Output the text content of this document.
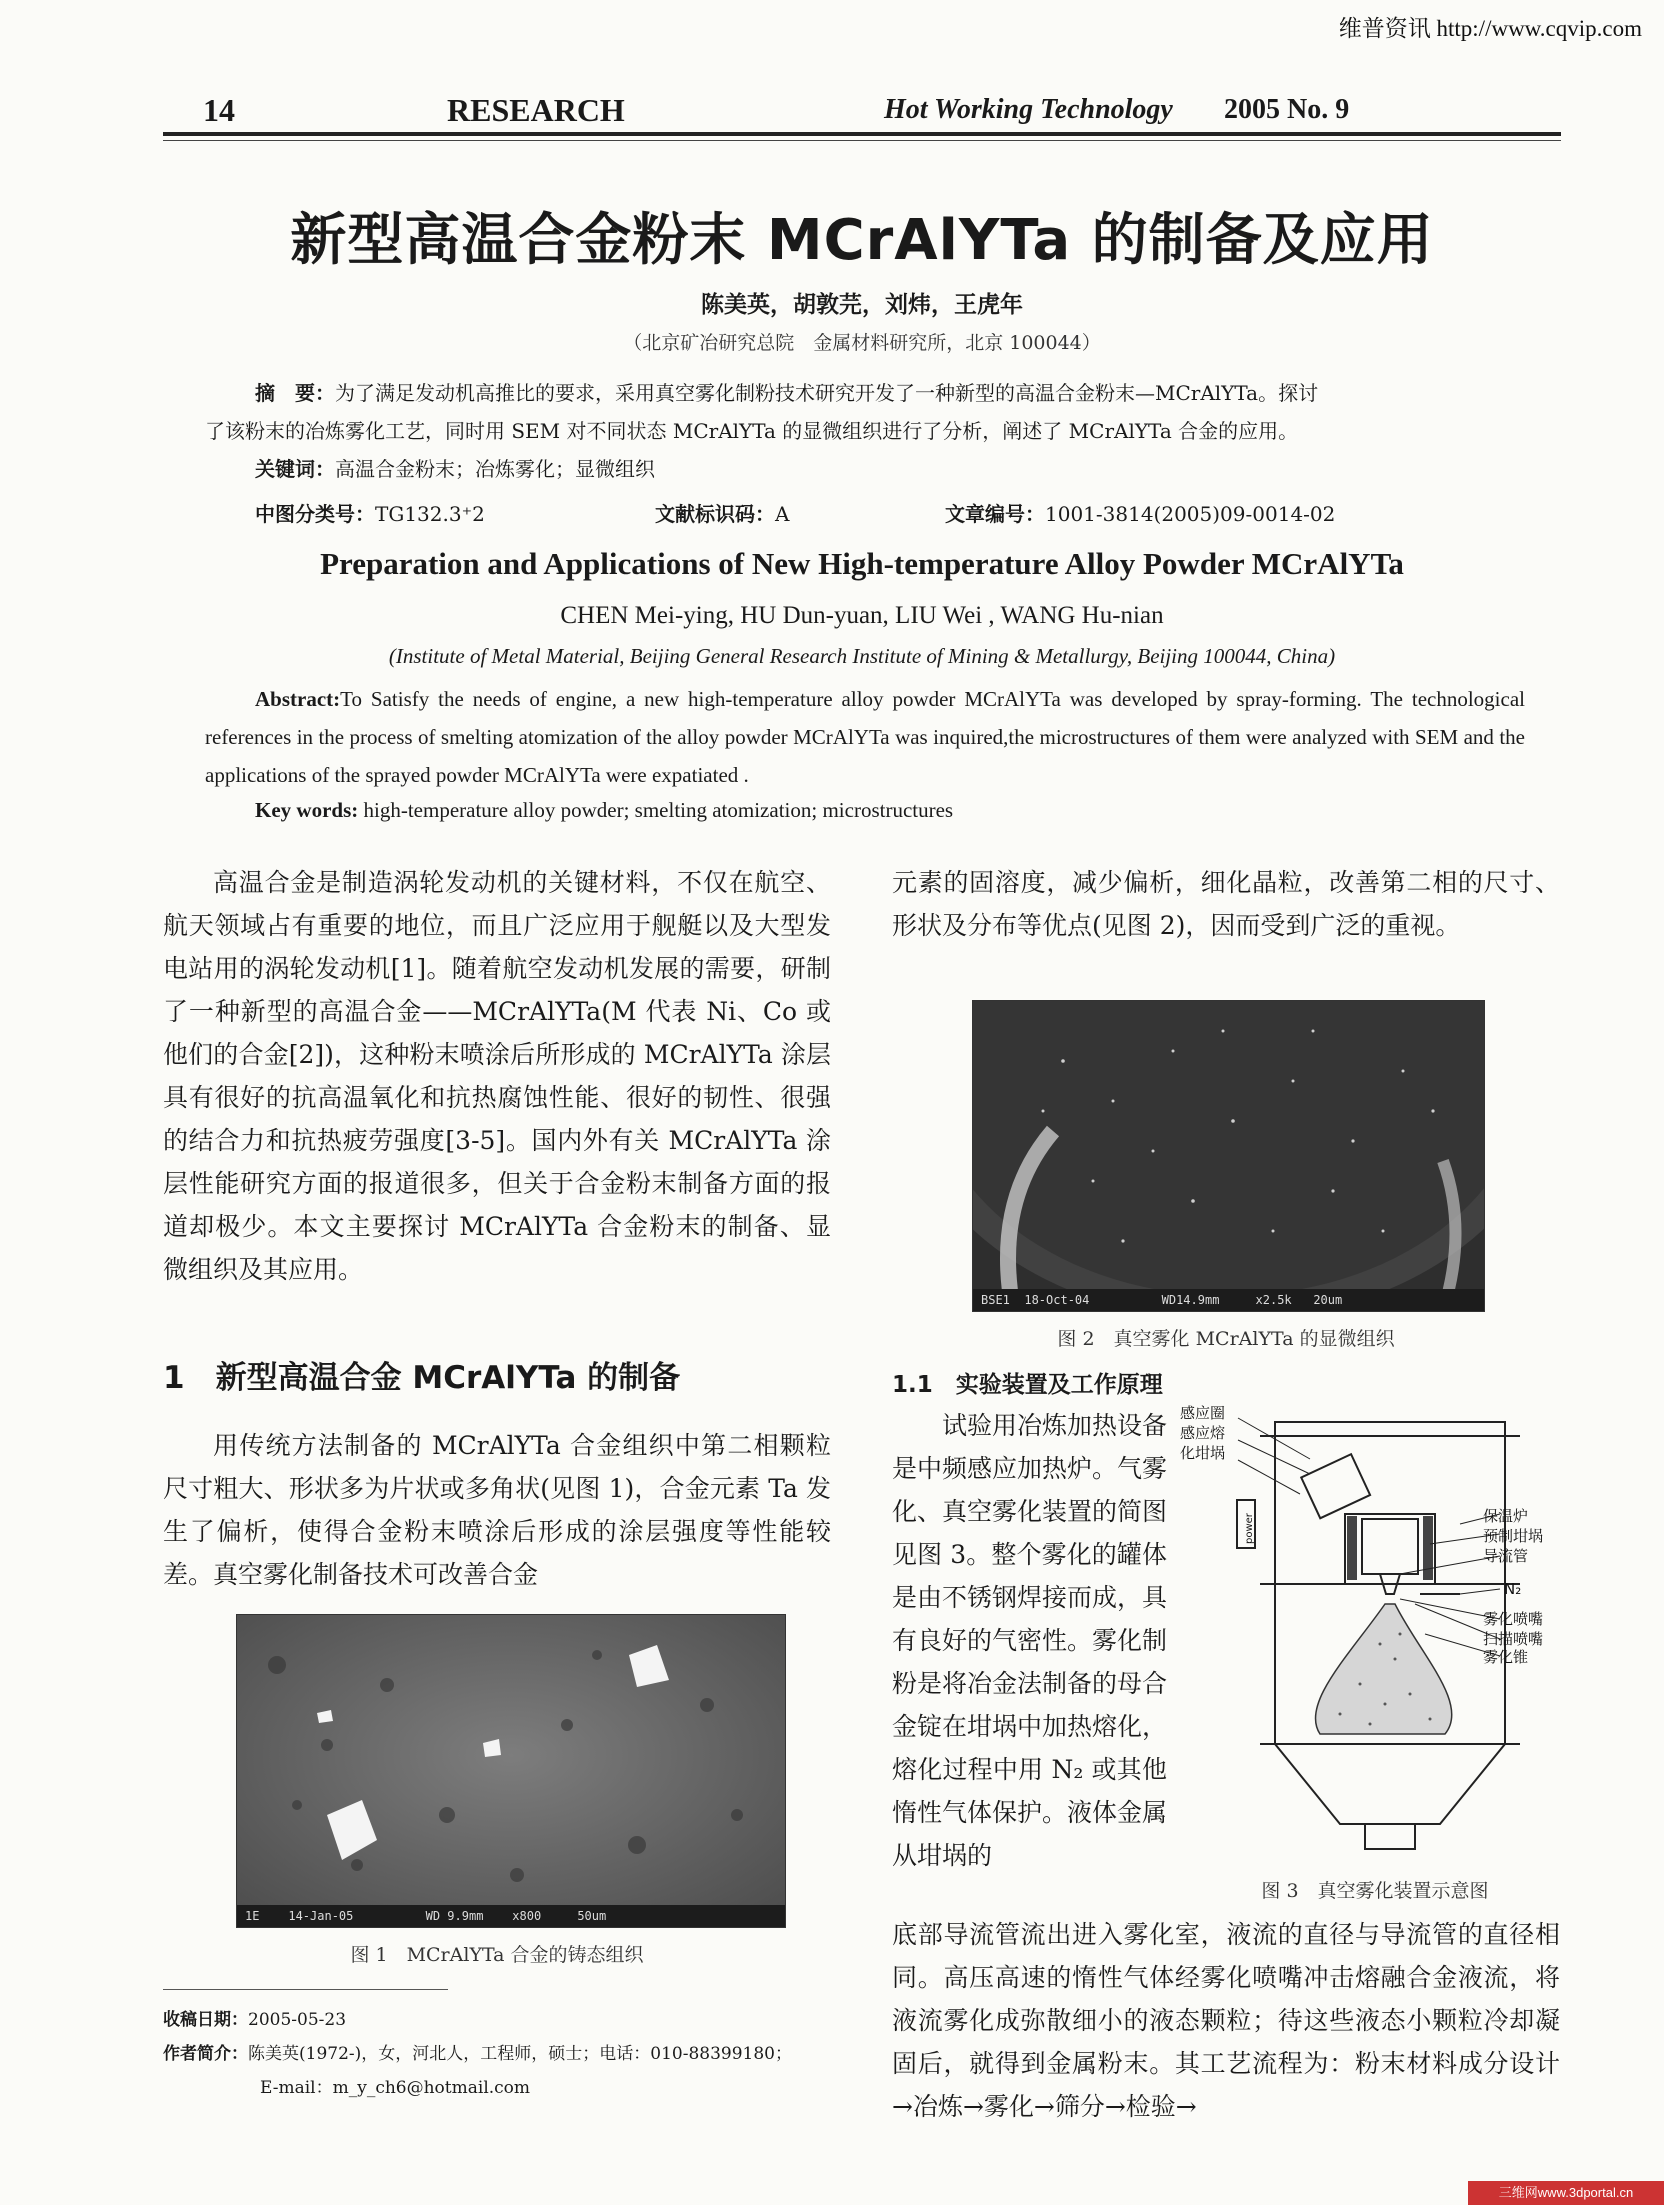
维普资讯 http://www.cqvip.com
14	RESEARCH	Hot Working Technology 2005 No. 9
新型高温合金粉末 MCrAlYTa 的制备及应用
陈美英，胡敦芫，刘炜，王虎年
（北京矿冶研究总院　金属材料研究所，北京 100044）
摘　要：为了满足发动机高推比的要求，采用真空雾化制粉技术研究开发了一种新型的高温合金粉末—MCrAlYTa。探讨
了该粉末的冶炼雾化工艺，同时用 SEM 对不同状态 MCrAlYTa 的显微组织进行了分析，阐述了 MCrAlYTa 合金的应用。
关键词：高温合金粉末；冶炼雾化；显微组织
中图分类号：TG132.3⁺2	文献标识码：A	文章编号：1001-3814(2005)09-0014-02
Preparation and Applications of New High-temperature Alloy Powder MCrAlYTa
CHEN Mei-ying, HU Dun-yuan, LIU Wei , WANG Hu-nian
(Institute of Metal Material, Beijing General Research Institute of Mining & Metallurgy, Beijing 100044, China)
Abstract:To Satisfy the needs of engine, a new high-temperature alloy powder MCrAlYTa was developed by spray-forming. The technological references in the process of smelting atomization of the alloy powder MCrAlYTa was inquired,the microstructures of them were analyzed with SEM and the applications of the sprayed powder MCrAlYTa were expatiated .
Key words: high-temperature alloy powder; smelting atomization; microstructures

高温合金是制造涡轮发动机的关键材料，不仅在航空、航天领域占有重要的地位，而且广泛应用于舰艇以及大型发电站用的涡轮发动机[1]。随着航空发动机发展的需要，研制了一种新型的高温合金——MCrAlYTa(M 代表 Ni、Co 或他们的合金[2])，这种粉末喷涂后所形成的 MCrAlYTa 涂层具有很好的抗高温氧化和抗热腐蚀性能、很好的韧性、很强的结合力和抗热疲劳强度[3-5]。国内外有关 MCrAlYTa 涂层性能研究方面的报道很多，但关于合金粉末制备方面的报道却极少。本文主要探讨 MCrAlYTa 合金粉末的制备、显微组织及其应用。

1　新型高温合金 MCrAlYTa 的制备

用传统方法制备的 MCrAlYTa 合金组织中第二相颗粒尺寸粗大、形状多为片状或多角状(见图 1)，合金元素 Ta 发生了偏析，使得合金粉末喷涂后形成的涂层强度等性能较差。真空雾化制备技术可改善合金

1E    14-Jan-05          WD 9.9mm    x800     50um
图 1　MCrAlYTa 合金的铸态组织
收稿日期：2005-05-23
作者简介：陈美英(1972-)，女，河北人，工程师，硕士；电话：010-88399180；
E-mail：m_y_ch6@hotmail.com

元素的固溶度，减少偏析，细化晶粒，改善第二相的尺寸、形状及分布等优点(见图 2)，因而受到广泛的重视。

BSE1  18-Oct-04          WD14.9mm     x2.5k   20um
图 2　真空雾化 MCrAlYTa 的显微组织
1.1　实验装置及工作原理

试验用冶炼加热设备是中频感应加热炉。气雾化、真空雾化装置的简图见图 3。整个雾化的罐体是由不锈钢焊接而成，具有良好的气密性。雾化制粉是将冶金法制备的母合金锭在坩埚中加热熔化，熔化过程中用 N₂ 或其他惰性气体保护。液体金属从坩埚的

感应圈
感应熔
化坩埚
保温炉
预制坩埚
导流管
N₂
雾化喷嘴
扫描喷嘴
雾化锥
power
图 3　真空雾化装置示意图

底部导流管流出进入雾化室，液流的直径与导流管的直径相同。高压高速的惰性气体经雾化喷嘴冲击熔融合金液流，将液流雾化成弥散细小的液态颗粒；待这些液态小颗粒冷却凝固后，就得到金属粉末。其工艺流程为：粉末材料成分设计→冶炼→雾化→筛分→检验→

三维网www.3dportal.cn
